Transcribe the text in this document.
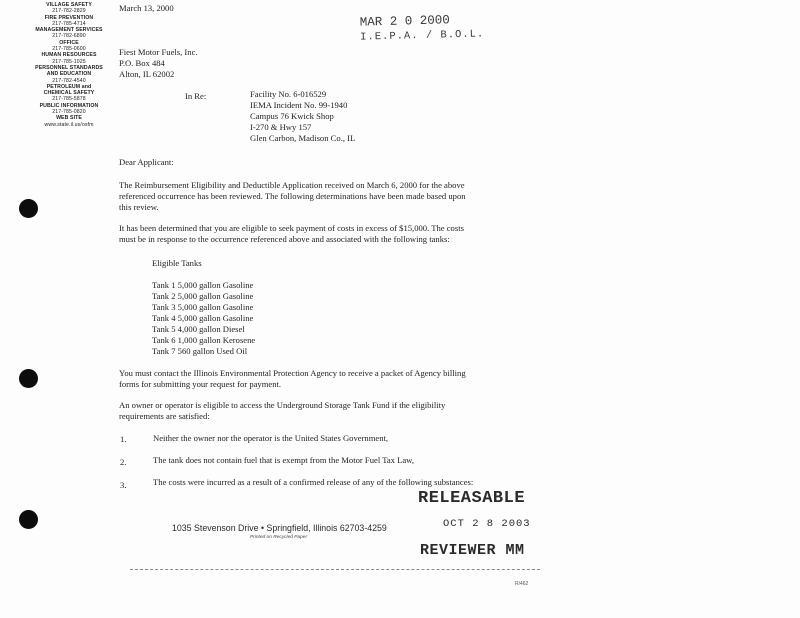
VILLAGE SAFETY
217-782-2829
FIRE PREVENTION
217-785-4714
MANAGEMENT SERVICES
217-782-6890
OFFICE
217-785-0600
HUMAN RESOURCES
217-785-1025
PERSONNEL STANDARDS
AND EDUCATION
217-782-4540
PETROLEUM and
CHEMICAL SAFETY
217-785-5878
PUBLIC INFORMATION
217-785-0820
WEB SITE
www.state.il.us/osfm
March 13, 2000
MAR 2 0 2000
I.E.P.A. / B.O.L.
Fiest Motor Fuels, Inc.
P.O. Box 484
Alton, IL 62002
In Re:	Facility No. 6-016529
IEMA Incident No. 99-1940
Campus 76 Kwick Shop
I-270 & Hwy 157
Glen Carbon, Madison Co., IL
Dear Applicant:
The Reimbursement Eligibility and Deductible Application received on March 6, 2000 for the above
referenced occurrence has been reviewed. The following determinations have been made based upon
this review.
It has been determined that you are eligible to seek payment of costs in excess of $15,000. The costs
must be in response to the occurrence referenced above and associated with the following tanks:
Eligible Tanks
Tank 1 5,000 gallon Gasoline
Tank 2 5,000 gallon Gasoline
Tank 3 5,000 gallon Gasoline
Tank 4 5,000 gallon Gasoline
Tank 5 4,000 gallon Diesel
Tank 6 1,000 gallon Kerosene
Tank 7 560 gallon Used Oil
You must contact the Illinois Environmental Protection Agency to receive a packet of Agency billing
forms for submitting your request for payment.
An owner or operator is eligible to access the Underground Storage Tank Fund if the eligibility
requirements are satisfied:
1.	Neither the owner nor the operator is the United States Government,
2.	The tank does not contain fuel that is exempt from the Motor Fuel Tax Law,
3.	The costs were incurred as a result of a confirmed release of any of the following substances:
RELEASABLE
OCT 2 8 2003
REVIEWER MM
1035 Stevenson Drive • Springfield, Illinois 62703-4259
Printed on Recycled Paper
R/462
